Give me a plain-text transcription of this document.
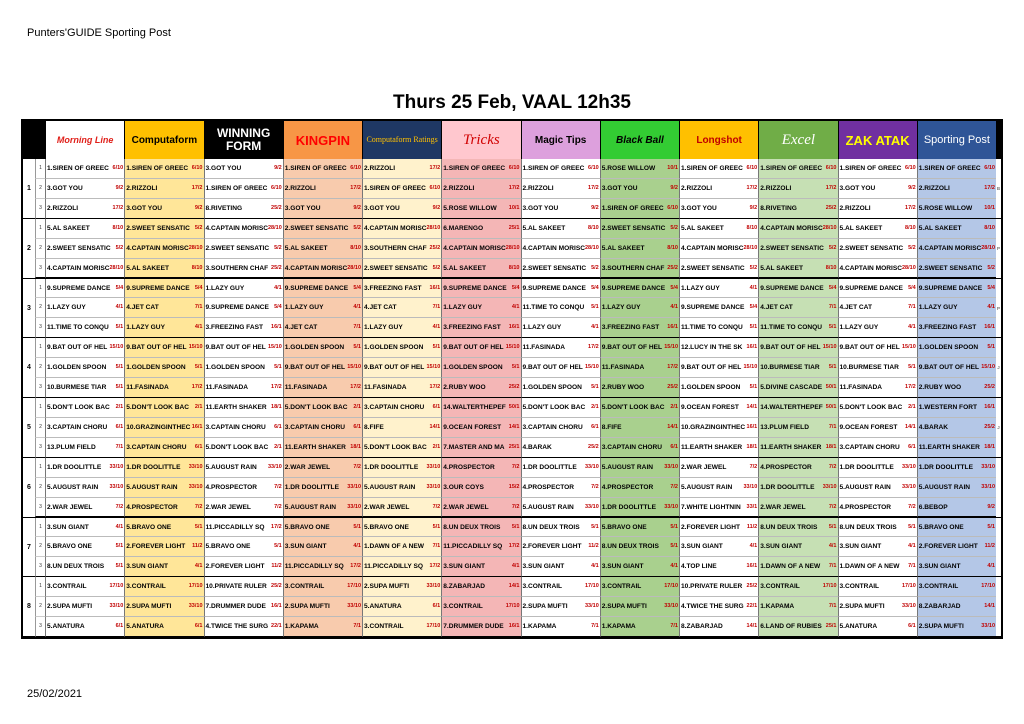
Punters'GUIDE Sporting Post
Thurs 25 Feb, VAAL 12h35
Morning Line	Computaform	WINNING FORM	KINGPIN	Computaform Ratings	Tricks	Magic Tips	Black Ball	Longshot	Excel	ZAK ATAK	Sporting Post
1	B
1 1.SIREN OF GREEC 6/10 1.SIREN OF GREEC 6/10 3.GOT YOU	9/2 1.SIREN OF GREEC 6/10 2.RIZZOLI	17/2 1.SIREN OF GREEC 6/10 1.SIREN OF GREEC 6/10 5.ROSE WILLOW 10/1 1.SIREN OF GREEC 6/10 1.SIREN OF GREEC 6/10 1.SIREN OF GREEC 6/10 1.SIREN OF GREEC 6/10
2 3.GOT YOU	9/2 2.RIZZOLI	17/2 1.SIREN OF GREEC 6/10 2.RIZZOLI	17/2 1.SIREN OF GREEC 6/10 2.RIZZOLI	17/2 2.RIZZOLI	17/2 3.GOT YOU	9/2 2.RIZZOLI	17/2 2.RIZZOLI	17/2 3.GOT YOU	9/2 2.RIZZOLI	17/2
3 2.RIZZOLI	17/2 3.GOT YOU	9/2 8.RIVETING	25/2 3.GOT YOU	9/2 3.GOT YOU	9/2 5.ROSE WILLOW 10/1 3.GOT YOU	9/2 1.SIREN OF GREEC 6/10 3.GOT YOU	9/2 8.RIVETING	25/2 2.RIZZOLI	17/2 5.ROSE WILLOW 10/1
2	P
1 5.AL SAKEET	8/10 2.SWEET SENSATIC 5/2 4.CAPTAIN MORISC 28/10 2.SWEET SENSATIC 5/2 4.CAPTAIN MORISC 28/10 6.MARENGO	25/1 5.AL SAKEET	8/10 2.SWEET SENSATIC 5/2 5.AL SAKEET	8/10 4.CAPTAIN MORISC 28/10 5.AL SAKEET	8/10 5.AL SAKEET	8/10
2 2.SWEET SENSATIC 5/2 4.CAPTAIN MORISC 28/10 2.SWEET SENSATIC 5/2 5.AL SAKEET	8/10 3.SOUTHERN CHAF 25/2 4.CAPTAIN MORISC 28/10 4.CAPTAIN MORISC 28/10 5.AL SAKEET	8/10 4.CAPTAIN MORISC 28/10 2.SWEET SENSATIC 5/2 2.SWEET SENSATIC 5/2 4.CAPTAIN MORISC 28/10
3 4.CAPTAIN MORISC 28/10 5.AL SAKEET	8/10 3.SOUTHERN CHAF 25/2 4.CAPTAIN MORISC 28/10 2.SWEET SENSATIC 5/2 5.AL SAKEET	8/10 2.SWEET SENSATIC 5/2 3.SOUTHERN CHAF 25/2 2.SWEET SENSATIC 5/2 5.AL SAKEET	8/10 4.CAPTAIN MORISC 28/10 2.SWEET SENSATIC 5/2
3	P
1 9.SUPREME DANCE 5/4 9.SUPREME DANCE 5/4 1.LAZY GUY	4/1 9.SUPREME DANCE 5/4 3.FREEZING FAST 16/1 9.SUPREME DANCE 5/4 9.SUPREME DANCE 5/4 9.SUPREME DANCE 5/4 1.LAZY GUY	4/1 9.SUPREME DANCE 5/4 9.SUPREME DANCE 5/4 9.SUPREME DANCE 5/4
2 1.LAZY GUY	4/1 4.JET CAT	7/1 9.SUPREME DANCE 5/4 1.LAZY GUY	4/1 4.JET CAT	7/1 1.LAZY GUY	4/1 11.TIME TO CONQU 5/1 1.LAZY GUY	4/1 9.SUPREME DANCE 5/4 4.JET CAT	7/1 4.JET CAT	7/1 1.LAZY GUY	4/1
3 11.TIME TO CONQU 5/1 1.LAZY GUY	4/1 3.FREEZING FAST 16/1 4.JET CAT	7/1 1.LAZY GUY	4/1 3.FREEZING FAST 16/1 1.LAZY GUY	4/1 3.FREEZING FAST 16/1 11.TIME TO CONQU 5/1 11.TIME TO CONQU 5/1 1.LAZY GUY	4/1 3.FREEZING FAST 16/1
4	J
1 9.BAT OUT OF HEL 15/10 9.BAT OUT OF HEL 15/10 9.BAT OUT OF HEL 15/10 1.GOLDEN SPOON 5/1 1.GOLDEN SPOON 5/1 9.BAT OUT OF HEL 15/10 11.FASINADA	17/2 9.BAT OUT OF HEL 15/10 12.LUCY IN THE SK 16/1 9.BAT OUT OF HEL 15/10 9.BAT OUT OF HEL 15/10 1.GOLDEN SPOON 5/1
2 1.GOLDEN SPOON 5/1 1.GOLDEN SPOON 5/1 1.GOLDEN SPOON 5/1 9.BAT OUT OF HEL 15/10 9.BAT OUT OF HEL 15/10 1.GOLDEN SPOON 5/1 9.BAT OUT OF HEL 15/10 11.FASINADA	17/2 9.BAT OUT OF HEL 15/10 10.BURMESE TIAR 5/1 10.BURMESE TIAR 5/1 9.BAT OUT OF HEL 15/10
3 10.BURMESE TIAR 5/1 11.FASINADA	17/2 11.FASINADA	17/2 11.FASINADA	17/2 11.FASINADA	17/2 2.RUBY WOO	25/2 1.GOLDEN SPOON 5/1 2.RUBY WOO	25/2 1.GOLDEN SPOON 5/1 5.DIVINE CASCADE 50/1 11.FASINADA	17/2 2.RUBY WOO	25/2
5	J
1 5.DON'T LOOK BAC 2/1 5.DON'T LOOK BAC 2/1 11.EARTH SHAKER 18/1 5.DON'T LOOK BAC 2/1 3.CAPTAIN CHORU 6/1 14.WALTERTHEPEF 50/1 5.DON'T LOOK BAC 2/1 5.DON'T LOOK BAC 2/1 9.OCEAN FOREST 14/1 14.WALTERTHEPEF 50/1 5.DON'T LOOK BAC 2/1 1.WESTERN FORT 16/1
2 3.CAPTAIN CHORU 6/1 10.GRAZINGINTHEC 16/1 3.CAPTAIN CHORU 6/1 3.CAPTAIN CHORU 6/1 8.FIFE	14/1 9.OCEAN FOREST 14/1 3.CAPTAIN CHORU 6/1 8.FIFE	14/1 10.GRAZINGINTHEC 16/1 13.PLUM FIELD	7/1 9.OCEAN FOREST 14/1 4.BARAK	25/2
3 13.PLUM FIELD	7/1 3.CAPTAIN CHORU 6/1 5.DON'T LOOK BAC 2/1 11.EARTH SHAKER 18/1 5.DON'T LOOK BAC 2/1 7.MASTER AND MA 25/1 4.BARAK	25/2 3.CAPTAIN CHORU 6/1 11.EARTH SHAKER 18/1 11.EARTH SHAKER 18/1 3.CAPTAIN CHORU 6/1 11.EARTH SHAKER 18/1
6
1 1.DR DOOLITTLE 33/10 1.DR DOOLITTLE 33/10 5.AUGUST RAIN 33/10 2.WAR JEWEL	7/2 1.DR DOOLITTLE 33/10 4.PROSPECTOR	7/2 1.DR DOOLITTLE 33/10 5.AUGUST RAIN 33/10 2.WAR JEWEL	7/2 4.PROSPECTOR	7/2 1.DR DOOLITTLE 33/10 1.DR DOOLITTLE 33/10
2 5.AUGUST RAIN 33/10 5.AUGUST RAIN 33/10 4.PROSPECTOR	7/2 1.DR DOOLITTLE 33/10 5.AUGUST RAIN 33/10 3.OUR COYS	15/2 4.PROSPECTOR	7/2 4.PROSPECTOR	7/2 5.AUGUST RAIN 33/10 1.DR DOOLITTLE 33/10 5.AUGUST RAIN 33/10 5.AUGUST RAIN 33/10
3 2.WAR JEWEL	7/2 4.PROSPECTOR	7/2 2.WAR JEWEL	7/2 5.AUGUST RAIN 33/10 2.WAR JEWEL	7/2 2.WAR JEWEL	7/2 5.AUGUST RAIN 33/10 1.DR DOOLITTLE 33/10 7.WHITE LIGHTNIN 33/1 2.WAR JEWEL	7/2 4.PROSPECTOR	7/2 6.BEBOP	9/2
7
1 3.SUN GIANT	4/1 5.BRAVO ONE	5/1 11.PICCADILLY SQ 17/2 5.BRAVO ONE	5/1 5.BRAVO ONE	5/1 8.UN DEUX TROIS 5/1 8.UN DEUX TROIS 5/1 5.BRAVO ONE	5/1 2.FOREVER LIGHT 11/2 8.UN DEUX TROIS 5/1 8.UN DEUX TROIS 5/1 5.BRAVO ONE	5/1
2 5.BRAVO ONE	5/1 2.FOREVER LIGHT 11/2 5.BRAVO ONE	5/1 3.SUN GIANT	4/1 1.DAWN OF A NEW 7/1 11.PICCADILLY SQ 17/2 2.FOREVER LIGHT 11/2 8.UN DEUX TROIS 5/1 3.SUN GIANT	4/1 3.SUN GIANT	4/1 3.SUN GIANT	4/1 2.FOREVER LIGHT 11/2
3 8.UN DEUX TROIS 5/1 3.SUN GIANT	4/1 2.FOREVER LIGHT 11/2 11.PICCADILLY SQ 17/2 11.PICCADILLY SQ 17/2 3.SUN GIANT	4/1 3.SUN GIANT	4/1 3.SUN GIANT	4/1 4.TOP LINE	16/1 1.DAWN OF A NEW 7/1 1.DAWN OF A NEW 7/1 3.SUN GIANT	4/1
8
1 3.CONTRAIL	17/10 3.CONTRAIL	17/10 10.PRIVATE RULER 25/2 3.CONTRAIL	17/10 2.SUPA MUFTI	33/10 8.ZABARJAD	14/1 3.CONTRAIL	17/10 3.CONTRAIL	17/10 10.PRIVATE RULER 25/2 3.CONTRAIL	17/10 3.CONTRAIL	17/10 3.CONTRAIL	17/10
2 2.SUPA MUFTI	33/10 2.SUPA MUFTI	33/10 7.DRUMMER DUDE 16/1 2.SUPA MUFTI	33/10 5.ANATURA	6/1 3.CONTRAIL	17/10 2.SUPA MUFTI	33/10 2.SUPA MUFTI	33/10 4.TWICE THE SURG 22/1 1.KAPAMA	7/1 2.SUPA MUFTI	33/10 8.ZABARJAD	14/1
3 5.ANATURA	6/1 5.ANATURA	6/1 4.TWICE THE SURG 22/1 1.KAPAMA	7/1 3.CONTRAIL	17/10 7.DRUMMER DUDE 16/1 1.KAPAMA	7/1 1.KAPAMA	7/1 8.ZABARJAD	14/1 6.LAND OF RUBIES 25/1 5.ANATURA	6/1 2.SUPA MUFTI	33/10
25/02/2021
